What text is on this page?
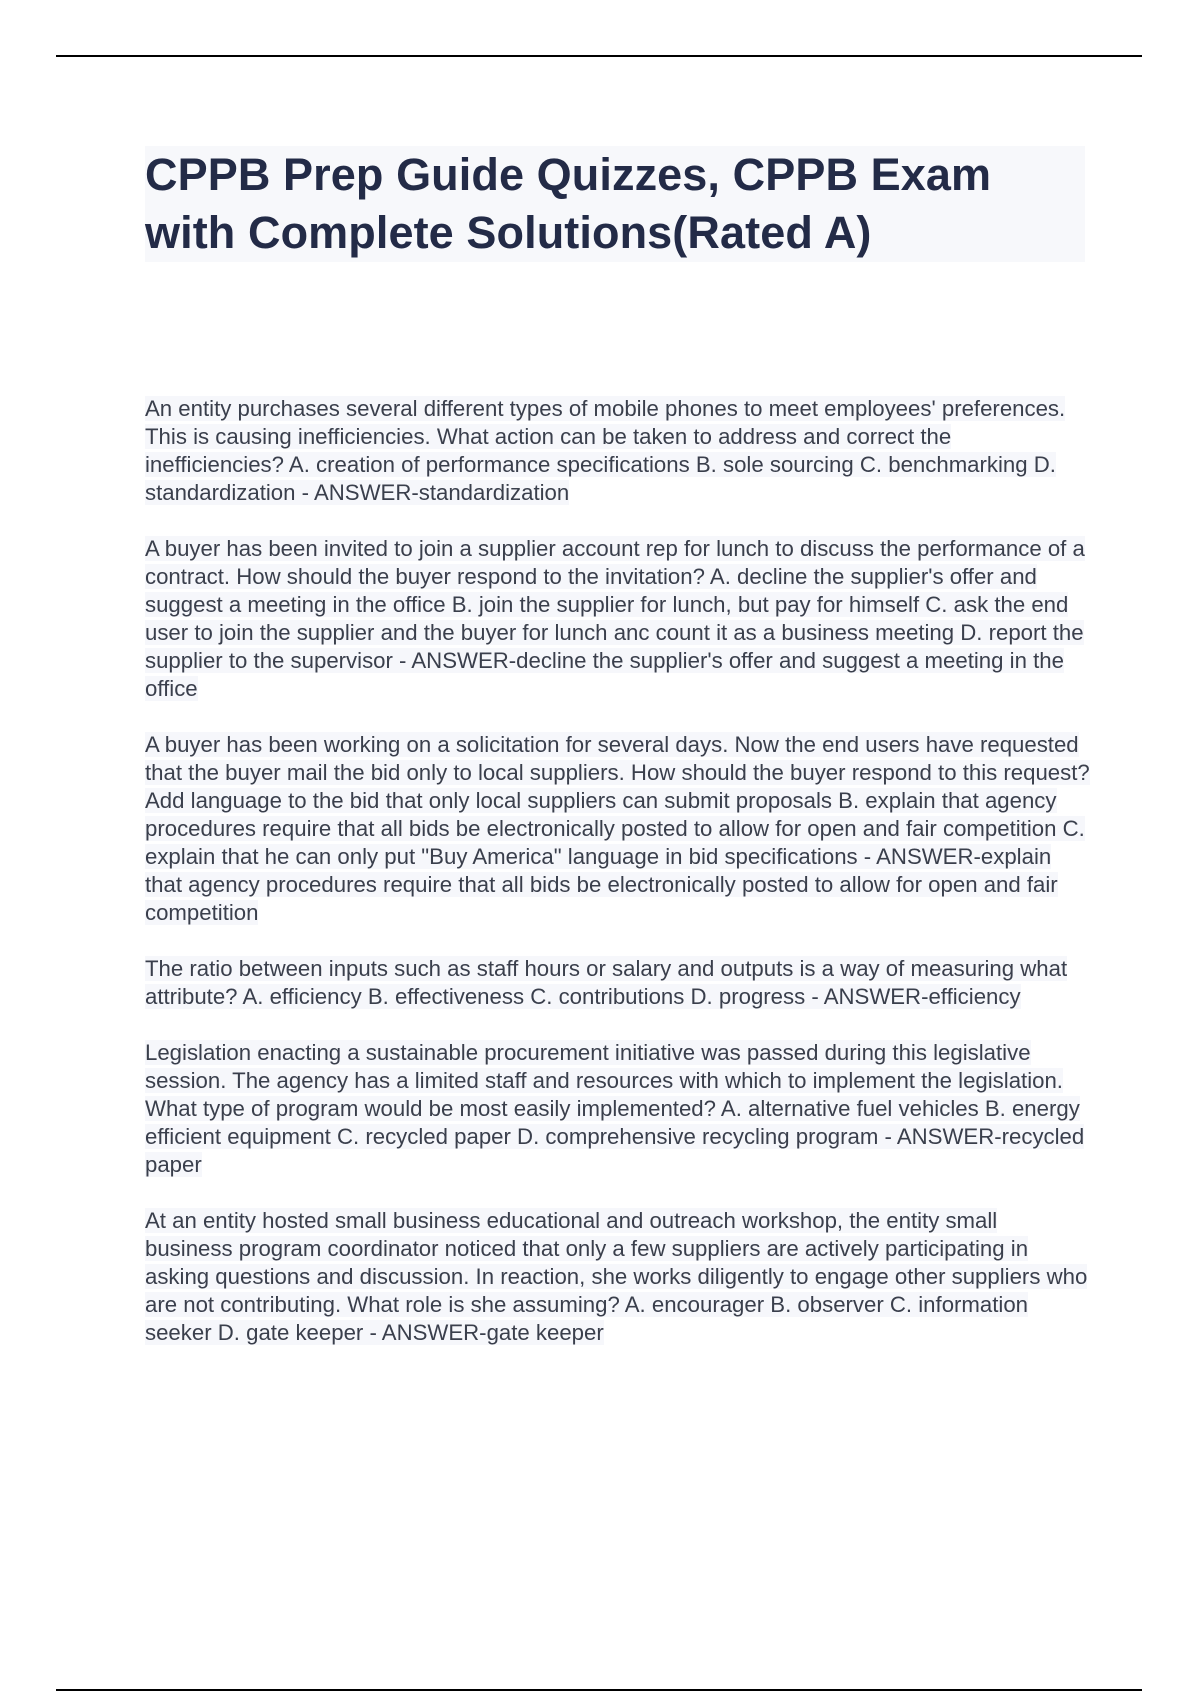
CPPB Prep Guide Quizzes, CPPB Exam with Complete Solutions(Rated A)

An entity purchases several different types of mobile phones to meet employees' preferences. This is causing inefficiencies. What action can be taken to address and correct the inefficiencies? A. creation of performance specifications B. sole sourcing C. benchmarking D. standardization - ANSWER-standardization

A buyer has been invited to join a supplier account rep for lunch to discuss the performance of a contract. How should the buyer respond to the invitation? A. decline the supplier's offer and suggest a meeting in the office B. join the supplier for lunch, but pay for himself C. ask the end user to join the supplier and the buyer for lunch anc count it as a business meeting D. report the supplier to the supervisor - ANSWER-decline the supplier's offer and suggest a meeting in the office

A buyer has been working on a solicitation for several days. Now the end users have requested that the buyer mail the bid only to local suppliers. How should the buyer respond to this request? Add language to the bid that only local suppliers can submit proposals B. explain that agency procedures require that all bids be electronically posted to allow for open and fair competition C. explain that he can only put "Buy America" language in bid specifications - ANSWER-explain that agency procedures require that all bids be electronically posted to allow for open and fair competition

The ratio between inputs such as staff hours or salary and outputs is a way of measuring what attribute? A. efficiency B. effectiveness C. contributions D. progress - ANSWER-efficiency

Legislation enacting a sustainable procurement initiative was passed during this legislative session. The agency has a limited staff and resources with which to implement the legislation. What type of program would be most easily implemented? A. alternative fuel vehicles B. energy efficient equipment C. recycled paper D. comprehensive recycling program - ANSWER-recycled paper

At an entity hosted small business educational and outreach workshop, the entity small business program coordinator noticed that only a few suppliers are actively participating in asking questions and discussion. In reaction, she works diligently to engage other suppliers who are not contributing. What role is she assuming? A. encourager B. observer C. information seeker D. gate keeper - ANSWER-gate keeper
